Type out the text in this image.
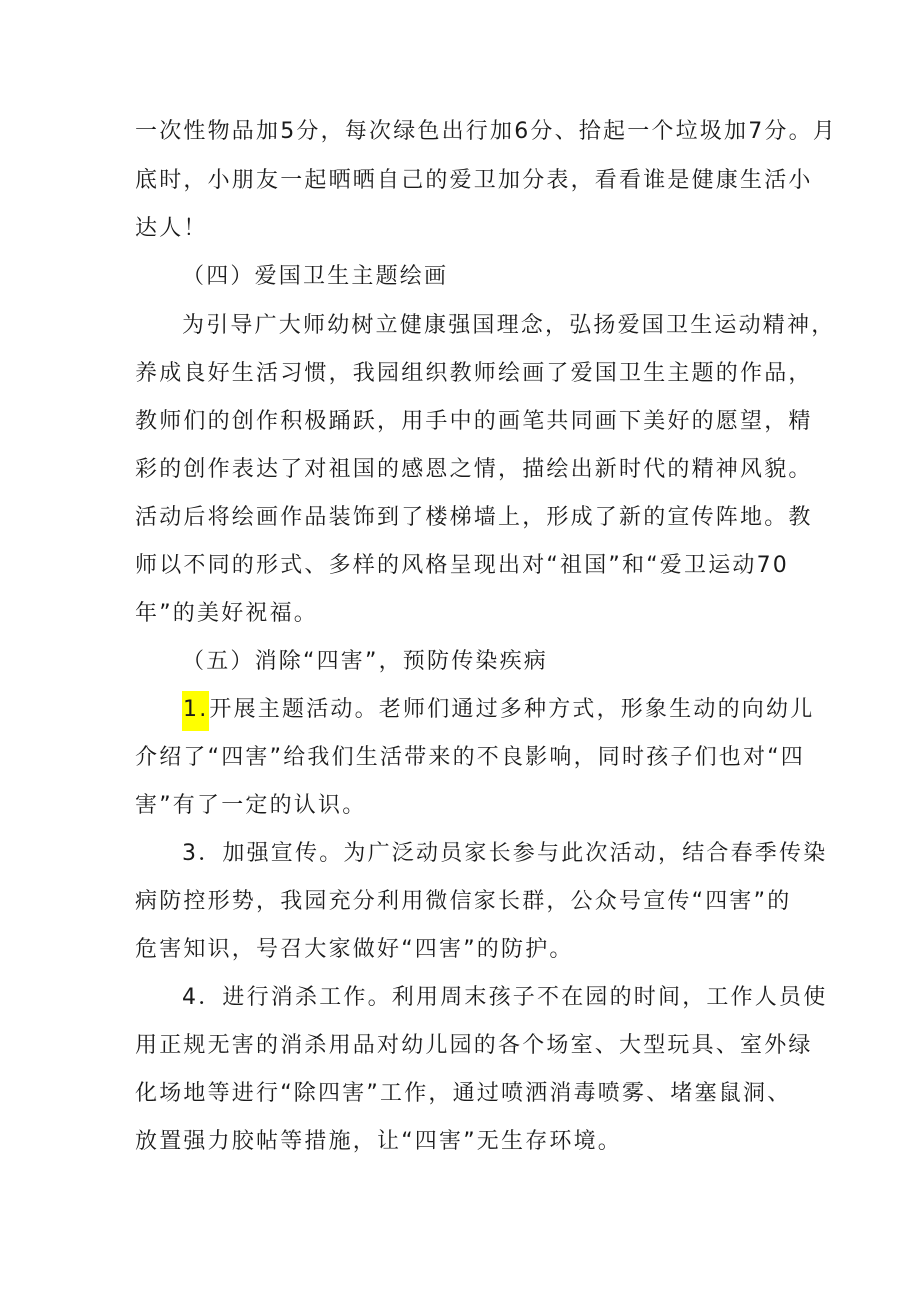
一次性物品加5分，每次绿色出行加6分、拾起一个垃圾加7分。月
底时，小朋友一起晒晒自己的爱卫加分表，看看谁是健康生活小
达人！
（四）爱国卫生主题绘画
为引导广大师幼树立健康强国理念，弘扬爱国卫生运动精神，
养成良好生活习惯，我园组织教师绘画了爱国卫生主题的作品，
教师们的创作积极踊跃，用手中的画笔共同画下美好的愿望，精
彩的创作表达了对祖国的感恩之情，描绘出新时代的精神风貌。
活动后将绘画作品装饰到了楼梯墙上，形成了新的宣传阵地。教
师以不同的形式、多样的风格呈现出对“祖国”和“爱卫运动70
年”的美好祝福。
（五）消除“四害”，预防传染疾病
1.开展主题活动。老师们通过多种方式，形象生动的向幼儿
介绍了“四害”给我们生活带来的不良影响，同时孩子们也对“四
害”有了一定的认识。
3．加强宣传。为广泛动员家长参与此次活动，结合春季传染
病防控形势，我园充分利用微信家长群，公众号宣传“四害”的
危害知识，号召大家做好“四害”的防护。
4．进行消杀工作。利用周末孩子不在园的时间，工作人员使
用正规无害的消杀用品对幼儿园的各个场室、大型玩具、室外绿
化场地等进行“除四害”工作，通过喷洒消毒喷雾、堵塞鼠洞、
放置强力胶帖等措施，让“四害”无生存环境。
